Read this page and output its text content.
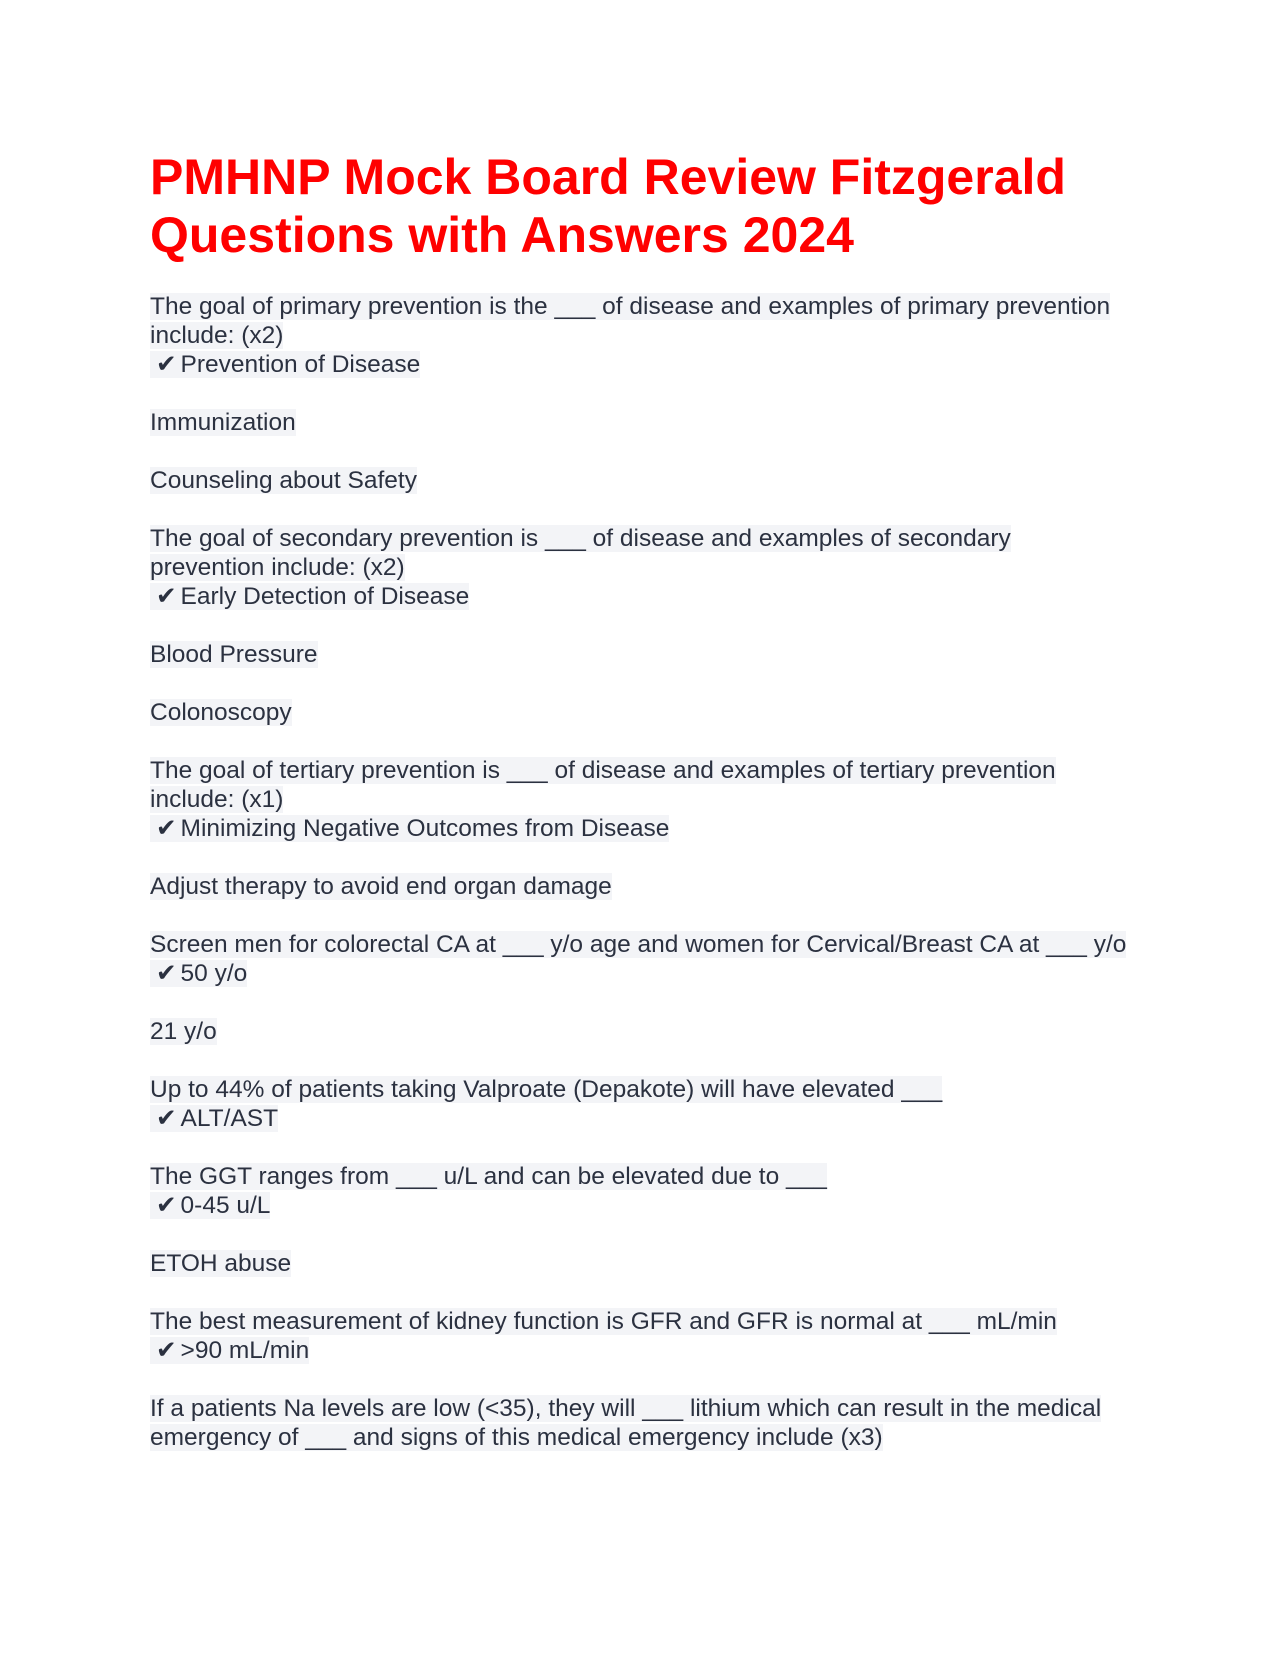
PMHNP Mock Board Review Fitzgerald Questions with Answers 2024
The goal of primary prevention is the ___ of disease and examples of primary prevention include: (x2)
✔ Prevention of Disease
Immunization
Counseling about Safety
The goal of secondary prevention is ___ of disease and examples of secondary prevention include: (x2)
✔ Early Detection of Disease
Blood Pressure
Colonoscopy
The goal of tertiary prevention is ___ of disease and examples of tertiary prevention include: (x1)
✔ Minimizing Negative Outcomes from Disease
Adjust therapy to avoid end organ damage
Screen men for colorectal CA at ___ y/o age and women for Cervical/Breast CA at ___ y/o
✔ 50 y/o
21 y/o
Up to 44% of patients taking Valproate (Depakote) will have elevated ___
✔ ALT/AST
The GGT ranges from ___ u/L and can be elevated due to ___
✔ 0-45 u/L
ETOH abuse
The best measurement of kidney function is GFR and GFR is normal at ___ mL/min
✔ >90 mL/min
If a patients Na levels are low (<35), they will ___ lithium which can result in the medical emergency of ___ and signs of this medical emergency include (x3)
